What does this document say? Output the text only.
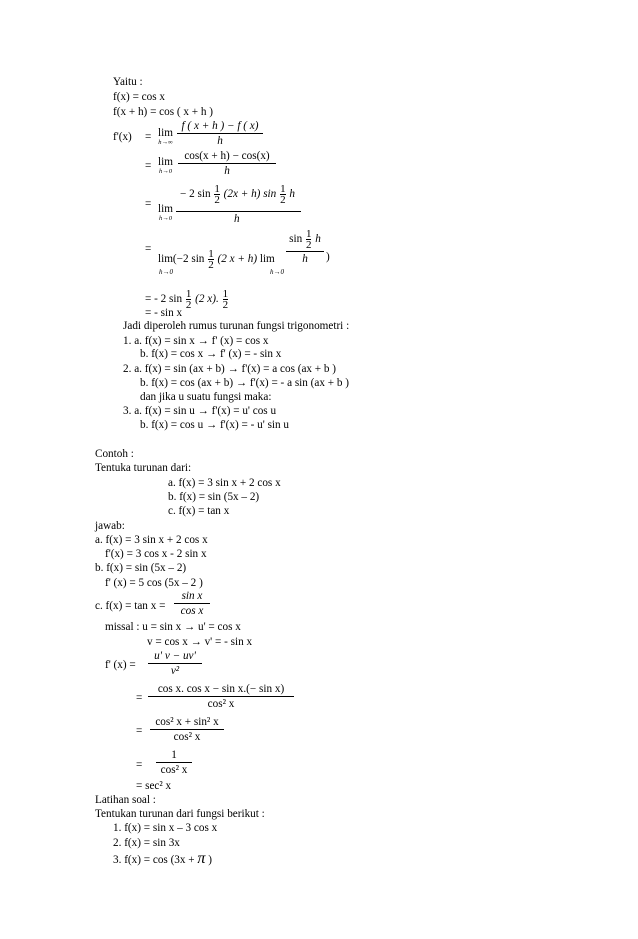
Yaitu :
f(x) = cos x
f(x + h) = cos ( x + h )
f'(x) = lim
h→∞
f ( x + h ) − f ( x)
h
= lim
h→0
cos(x + h) − cos(x)
h
= lim
h→0
− 2 $\sin \frac{1}{2} (2x + h)$ $\sin \frac{1}{2}$ h
h
=
lim(−2 $\sin \frac{1}{2} (2$ x + h) lim
h→0	h→0
$\sin \frac{1}{2}$ h
h	)
= - 2 $\sin \frac{1}{2} (2$ x). $\frac{1}{2}$
= - sin x
Jadi diperoleh rumus turunan fungsi trigonometri :
1. a. f(x) = sin x → f' (x) = cos x
b. f(x) = cos x → f' (x) = - sin x
2. a. f(x) = sin (ax + b) → f'(x) = a cos (ax + b )
b. f(x) = cos (ax + b) → f'(x) = - a sin (ax + b )
dan jika u suatu fungsi maka:
3. a. f(x) = sin u → f'(x) = u' cos u
b. f(x) = cos u → f'(x) = - u' sin u
Contoh :
Tentuka turunan dari:
a. f(x) = 3 sin x + 2 cos x
b. f(x) = sin (5x – 2)
c. f(x) = tan x
jawab:
a. f(x) = 3 sin x + 2 cos x
f'(x) = 3 cos x - 2 sin x
b. f(x) = sin (5x – 2)
f' (x) = 5 cos (5x – 2 )
c. f(x) = tan x =
sin x
cos x
missal : u = sin x → u' = cos x
v = cos x → v' = - sin x
f' (x) =
u' v − uv'
v²
=
cos x. cos x − sin x.(− sin x)
cos² x
=
cos² x + sin² x
cos² x
=
1
cos² x
= sec² x
Latihan soal :
Tentukan turunan dari fungsi berikut :
1. f(x) = sin x – 3 cos x
2. f(x) = sin 3x
3. f(x) = cos (3x + π )
